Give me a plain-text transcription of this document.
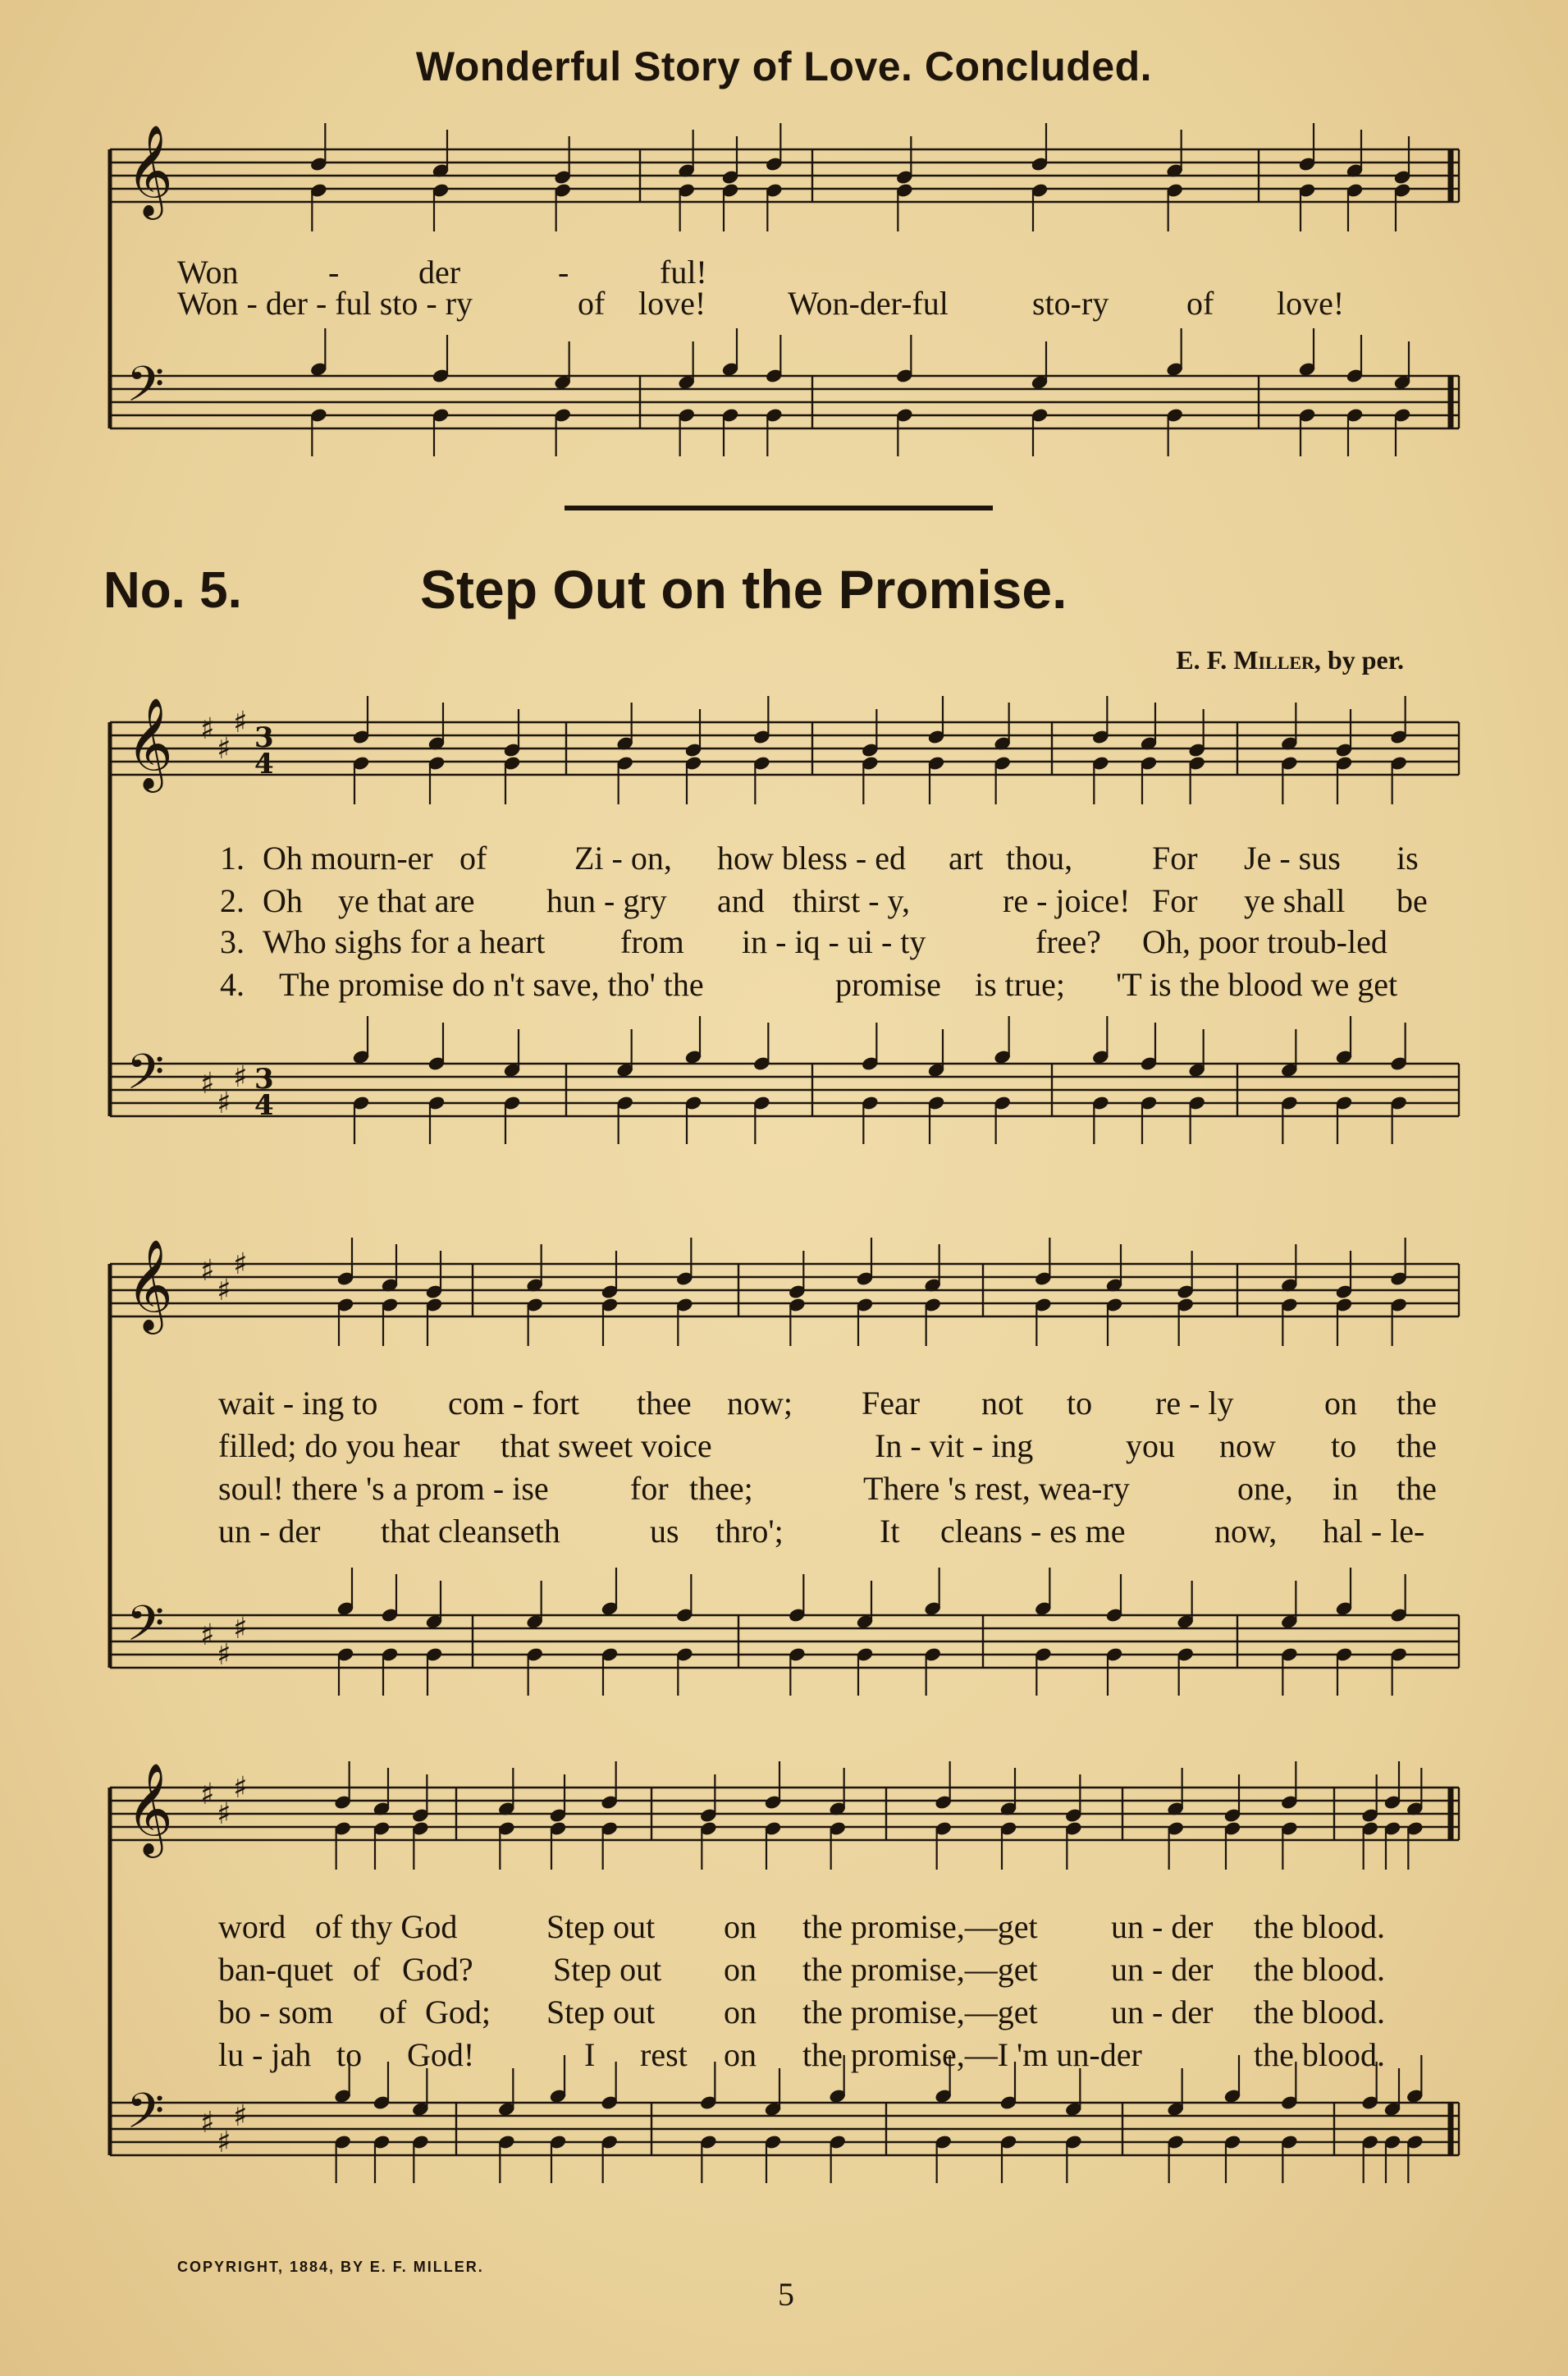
Wonderful Story of Love. Concluded.
𝄞
𝄢
𝄞 ♯
♯
♯ 3
4
𝄢 ♯
♯
♯ 3
4
𝄞 ♯
♯
♯
𝄢 ♯
♯
♯
𝄞 ♯
♯
♯
𝄢 ♯
♯
♯
No. 5.	Step Out on the Promise.
E. F. Miller, by per.
Won	- der	-	ful!
Won - der - ful sto - ry	of love! Won-der-ful	sto-ry of love!
1. Oh mourn-er of	Zi - on, how bless - ed art thou, For Je - sus is
2. Oh ye that are hun - gry and thirst - y,	re - joice! For ye shall be
3. Who sighs for a heart from in - iq - ui - ty	free? Oh, poor troub-led
4. The promise do n't save, tho' the	promise is true; 'T is the blood we get
wait - ing to com - fort thee now; Fear not to re - ly	on the
filled; do you hear that sweet voice	In - vit - ing	you now to the
soul! there 's a prom - ise for thee;	There 's rest, wea-ry	one, in the
un - der that cleanseth	us thro';	It cleans - es me	now, hal - le-
word of thy God	Step out on the promise,—get un - der the blood.
ban-quet of God? Step out on the promise,—get un - der the blood.
bo - som of God; Step out on the promise,—get un - der the blood.
lu - jah to God!	I rest on the promise,—I 'm un-der	the blood.
COPYRIGHT, 1884, BY E. F. MILLER.
5
